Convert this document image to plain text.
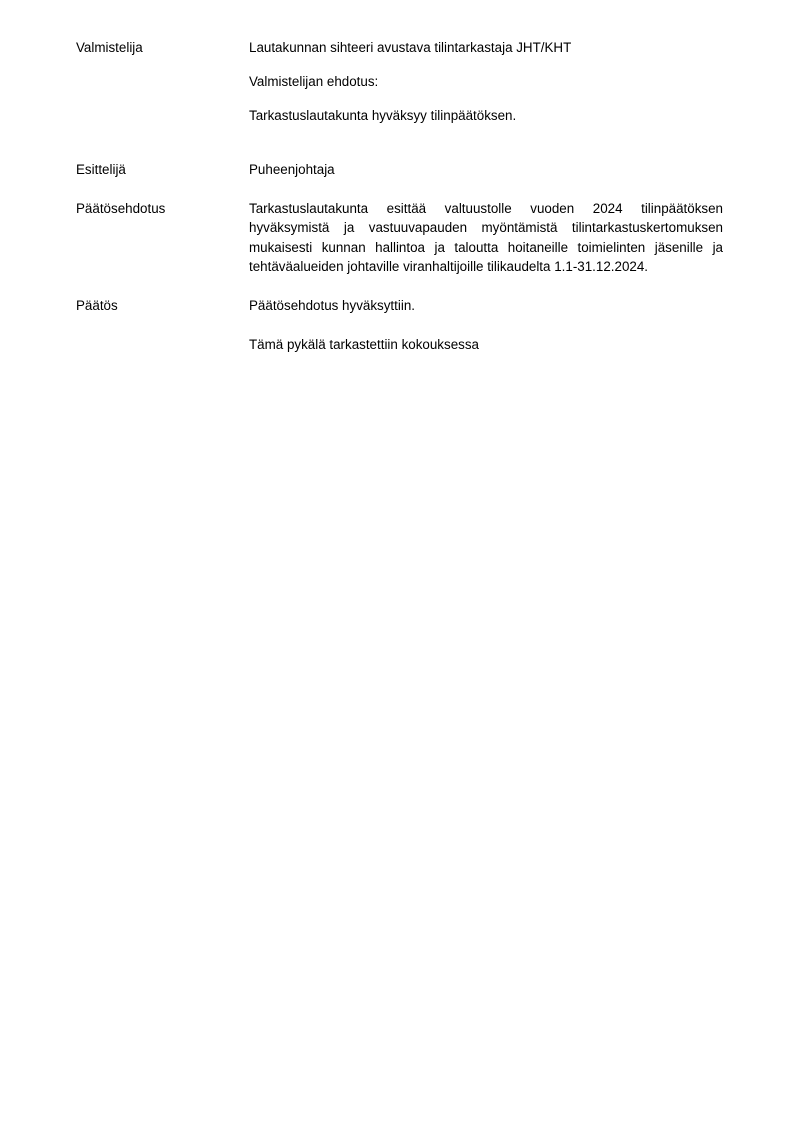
Valmistelija	Lautakunnan sihteeri avustava tilintarkastaja JHT/KHT
Valmistelijan ehdotus:
Tarkastuslautakunta hyväksyy tilinpäätöksen.
Esittelijä	Puheenjohtaja
Päätösehdotus	Tarkastuslautakunta esittää valtuustolle vuoden 2024 tilinpäätöksen hyväksymistä ja vastuuvapauden myöntämistä tilintarkastuskertomuksen mukaisesti kunnan hallintoa ja taloutta hoitaneille toimielinten jäsenille ja tehtäväalueiden johtaville viranhaltijoille tilikaudelta 1.1-31.12.2024.
Päätös	Päätösehdotus hyväksyttiin.
Tämä pykälä tarkastettiin kokouksessa
